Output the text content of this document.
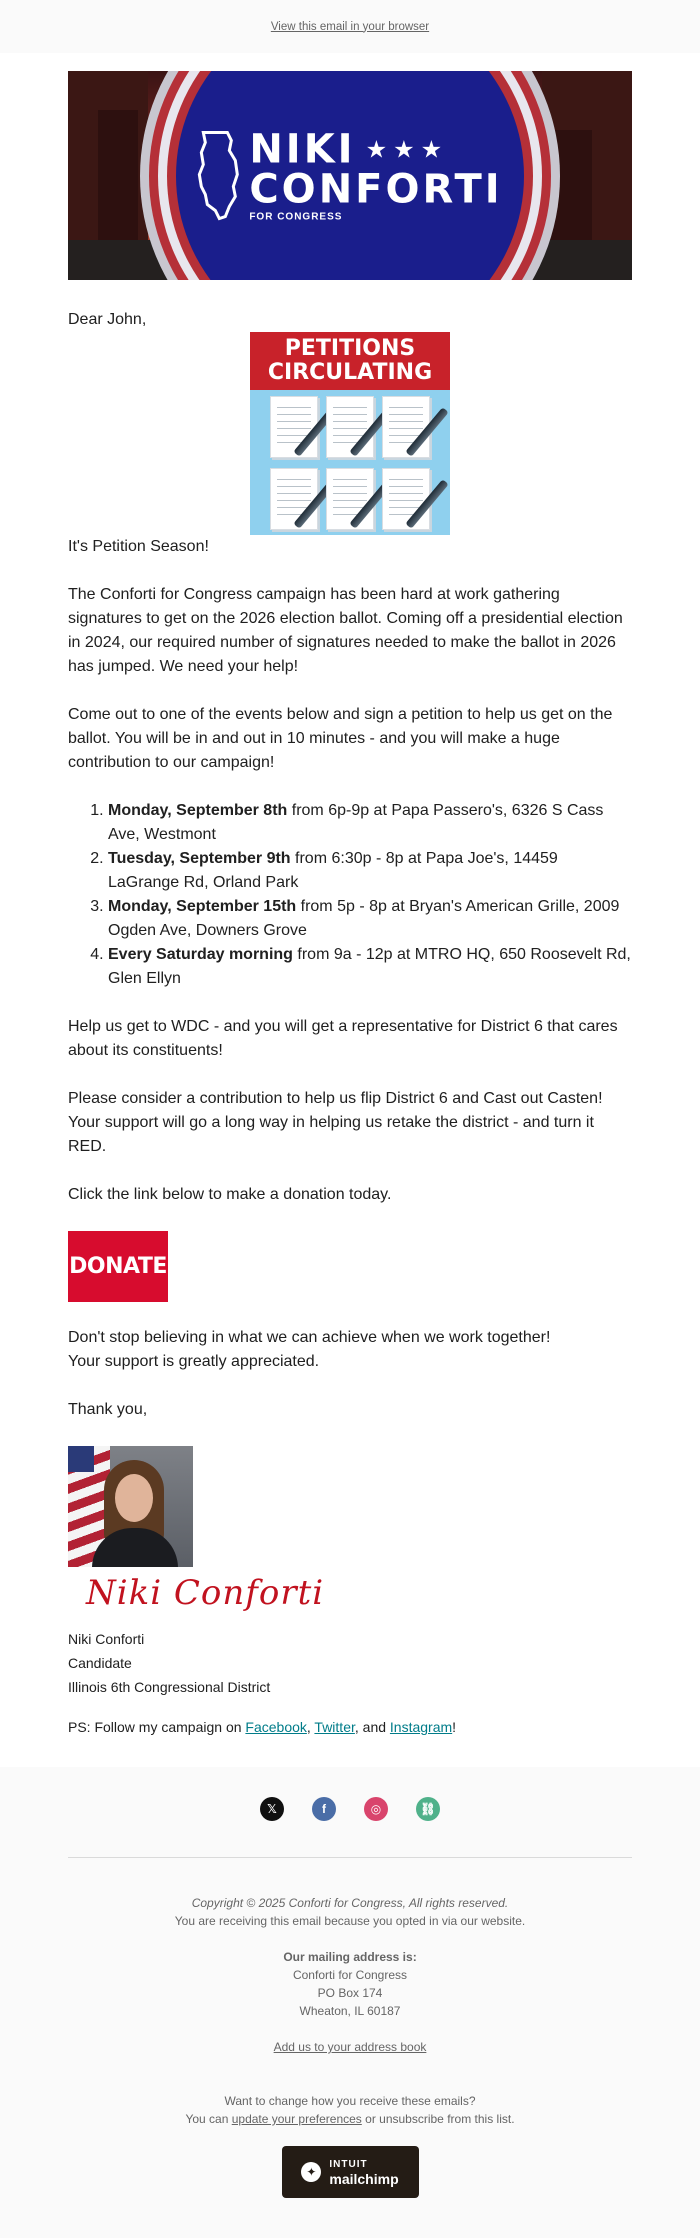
View this email in your browser
NIKI ★★★
CONFORTI
FOR CONGRESS
Dear John,
PETITIONS
CIRCULATING

It's Petition Season!

The Conforti for Congress campaign has been hard at work gathering signatures to get on the 2026 election ballot. Coming off a presidential election in 2024, our required number of signatures needed to make the ballot in 2026 has jumped. We need your help!

Come out to one of the events below and sign a petition to help us get on the ballot. You will be in and out in 10 minutes - and you will make a huge contribution to our campaign!

1. Monday, September 8th from 6p-9p at Papa Passero's, 6326 S Cass Ave, Westmont
2. Tuesday, September 9th from 6:30p - 8p at Papa Joe's, 14459 LaGrange Rd, Orland Park
3. Monday, September 15th from 5p - 8p at Bryan's American Grille, 2009 Ogden Ave, Downers Grove
4. Every Saturday morning from 9a - 12p at MTRO HQ, 650 Roosevelt Rd, Glen Ellyn

Help us get to WDC - and you will get a representative for District 6 that cares about its constituents!

Please consider a contribution to help us flip District 6 and Cast out Casten! Your support will go a long way in helping us retake the district - and turn it RED.

Click the link below to make a donation today.

DONATE

Don't stop believing in what we can achieve when we work together!
Your support is greatly appreciated.

Thank you,

Niki Conforti
Niki Conforti
Candidate
Illinois 6th Congressional District

PS: Follow my campaign on Facebook, Twitter, and Instagram!

𝕏	f	◎	⛓
Copyright © 2025 Conforti for Congress, All rights reserved.
You are receiving this email because you opted in via our website.
Our mailing address is:
Conforti for Congress
PO Box 174
Wheaton, IL 60187
Add us to your address book
Want to change how you receive these emails?
You can update your preferences or unsubscribe from this list.
✦
INTUIT
mailchimp
